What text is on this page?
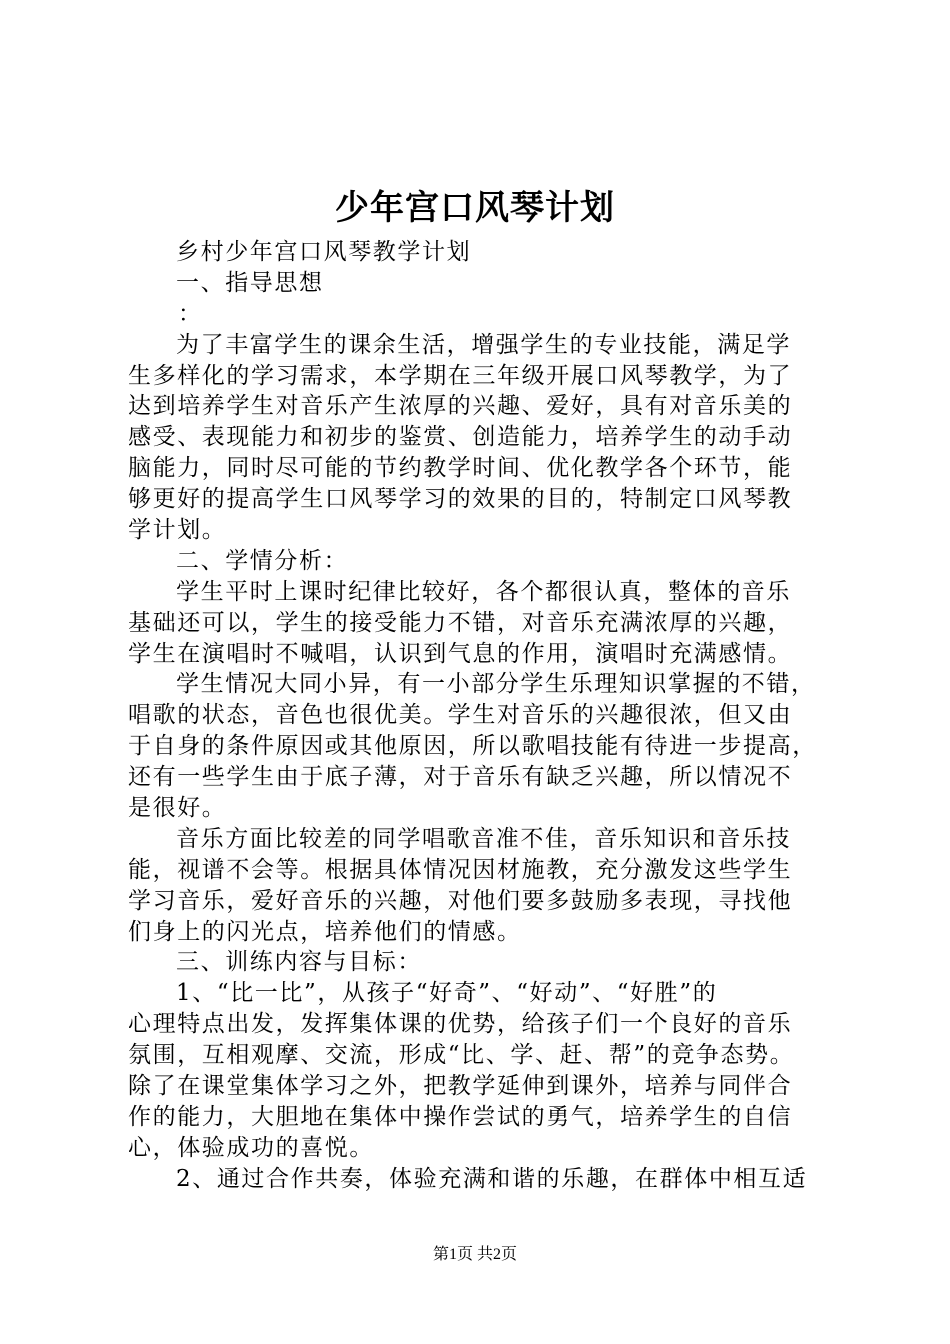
少年宫口风琴计划
乡村少年宫口风琴教学计划
一、指导思想
：
为了丰富学生的课余生活，增强学生的专业技能，满足学
生多样化的学习需求，本学期在三年级开展口风琴教学，为了
达到培养学生对音乐产生浓厚的兴趣、爱好，具有对音乐美的
感受、表现能力和初步的鉴赏、创造能力，培养学生的动手动
脑能力，同时尽可能的节约教学时间、优化教学各个环节，能
够更好的提高学生口风琴学习的效果的目的，特制定口风琴教
学计划。
二、学情分析：
学生平时上课时纪律比较好，各个都很认真，整体的音乐
基础还可以，学生的接受能力不错，对音乐充满浓厚的兴趣，
学生在演唱时不喊唱，认识到气息的作用，演唱时充满感情。
学生情况大同小异，有一小部分学生乐理知识掌握的不错，
唱歌的状态，音色也很优美。学生对音乐的兴趣很浓，但又由
于自身的条件原因或其他原因，所以歌唱技能有待进一步提高，
还有一些学生由于底子薄，对于音乐有缺乏兴趣，所以情况不
是很好。
音乐方面比较差的同学唱歌音准不佳，音乐知识和音乐技
能，视谱不会等。根据具体情况因材施教，充分激发这些学生
学习音乐，爱好音乐的兴趣，对他们要多鼓励多表现，寻找他
们身上的闪光点，培养他们的情感。
三、训练内容与目标：
1、“比一比”，从孩子“好奇”、“好动”、“好胜”的
心理特点出发，发挥集体课的优势，给孩子们一个良好的音乐
氛围，互相观摩、交流，形成“比、学、赶、帮”的竞争态势。
除了在课堂集体学习之外，把教学延伸到课外，培养与同伴合
作的能力，大胆地在集体中操作尝试的勇气，培养学生的自信
心，体验成功的喜悦。
2、通过合作共奏，体验充满和谐的乐趣，在群体中相互适
第1页 共2页
